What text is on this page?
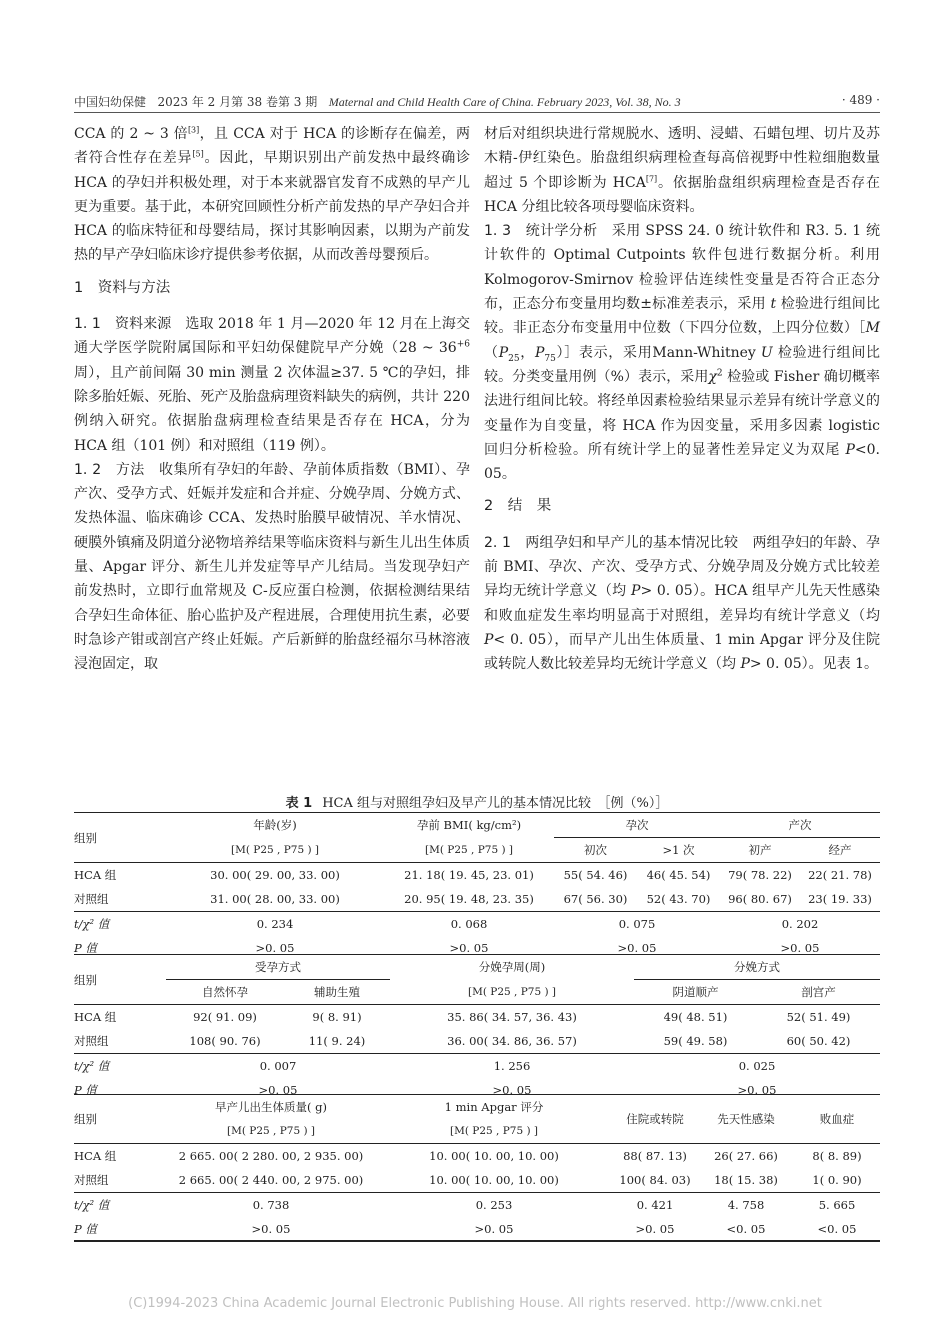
中国妇幼保健 2023 年 2 月第 38 卷第 3 期 Maternal and Child Health Care of China. February 2023, Vol. 38, No. 3	· 489 ·

CCA 的 2 ~ 3 倍[3]，且 CCA 对于 HCA 的诊断存在偏差，两者符合性存在差异[5]。因此，早期识别出产前发热中最终确诊 HCA 的孕妇并积极处理，对于本来就器官发育不成熟的早产儿更为重要。基于此，本研究回顾性分析产前发热的早产孕妇合并 HCA 的临床特征和母婴结局，探讨其影响因素，以期为产前发热的早产孕妇临床诊疗提供参考依据，从而改善母婴预后。

1　资料与方法

1. 1　资料来源　选取 2018 年 1 月—2020 年 12 月在上海交通大学医学院附属国际和平妇幼保健院早产分娩（28 ~ $36^{+6}$周），且产前间隔 30 min 测量 2 次体温≥37. 5 ℃的孕妇，排除多胎妊娠、死胎、死产及胎盘病理资料缺失的病例，共计 220 例纳入研究。依据胎盘病理检查结果是否存在 HCA，分为 HCA 组（101 例）和对照组（119 例）。

1. 2　方法　收集所有孕妇的年龄、孕前体质指数（BMI）、孕产次、受孕方式、妊娠并发症和合并症、分娩孕周、分娩方式、发热体温、临床确诊 CCA、发热时胎膜早破情况、羊水情况、硬膜外镇痛及阴道分泌物培养结果等临床资料与新生儿出生体质量、Apgar 评分、新生儿并发症等早产儿结局。当发现孕妇产前发热时，立即行血常规及 C-反应蛋白检测，依据检测结果结合孕妇生命体征、胎心监护及产程进展，合理使用抗生素，必要时急诊产钳或剖宫产终止妊娠。产后新鲜的胎盘经福尔马林溶液浸泡固定，取

材后对组织块进行常规脱水、透明、浸蜡、石蜡包埋、切片及苏木精-伊红染色。胎盘组织病理检查每高倍视野中性粒细胞数量超过 5 个即诊断为 HCA[7]。依据胎盘组织病理检查是否存在 HCA 分组比较各项母婴临床资料。

1. 3　统计学分析　采用 SPSS 24. 0 统计软件和 R3. 5. 1 统计软件的 Optimal Cutpoints 软件包进行数据分析。利用 Kolmogorov-Smirnov 检验评估连续性变量是否符合正态分布，正态分布变量用均数±标准差表示，采用 t 检验进行组间比较。非正态分布变量用中位数（下四分位数，上四分位数）$[M(P_{25}$，$P_{75})]$表示，采用Mann-Whitney U 检验进行组间比较。分类变量用例（%）表示，采用$\chi^2$ 检验或 Fisher 确切概率法进行组间比较。将经单因素检验结果显示差异有统计学意义的变量作为自变量，将 HCA 作为因变量，采用多因素 logistic 回归分析检验。所有统计学上的显著性差异定义为双尾 P<0. 05。

2　结　果

2. 1　两组孕妇和早产儿的基本情况比较　两组孕妇的年龄、孕前 BMI、孕次、产次、受孕方式、分娩孕周及分娩方式比较差异均无统计学意义（均 P> 0. 05）。HCA 组早产儿先天性感染和败血症发生率均明显高于对照组，差异均有统计学意义（均 P< 0. 05），而早产儿出生体质量、1 min Apgar 评分及住院或转院人数比较差异均无统计学意义（均 P> 0. 05）。见表 1。

表 1 HCA 组与对照组孕妇及早产儿的基本情况比较　［例（%）］
组别	年龄(岁)	孕前 BMI( kg/cm²)	孕次		产次	
	[M( P25 , P75 ) ]	[M( P25 , P75 ) ]	初次	>1 次	初产	经产
HCA 组	30. 00( 29. 00, 33. 00)	21. 18( 19. 45, 23. 01)	55( 54. 46)	46( 45. 54)	79( 78. 22)	22( 21. 78)
对照组	31. 00( 28. 00, 33. 00)	20. 95( 19. 48, 23. 35)	67( 56. 30)	52( 43. 70)	96( 80. 67)	23( 19. 33)
t/χ² 值	0. 234	0. 068	0. 075		0. 202	
P 值	>0. 05	>0. 05	>0. 05		>0. 05	
组别	受孕方式		分娩孕周(周)	分娩方式	
	自然怀孕	辅助生殖	[M( P25 , P75 ) ]	阴道顺产	剖宫产
HCA 组	92( 91. 09)	9( 8. 91)	35. 86( 34. 57, 36. 43)	49( 48. 51)	52( 51. 49)
对照组	108( 90. 76)	11( 9. 24)	36. 00( 34. 86, 36. 57)	59( 49. 58)	60( 50. 42)
t/χ² 值	0. 007		1. 256	0. 025	
P 值	>0. 05		>0. 05	>0. 05	
组别	早产儿出生体质量( g)	1 min Apgar 评分	住院或转院	先天性感染	败血症
	[M( P25 , P75 ) ]	[M( P25 , P75 ) ]			
HCA 组	2 665. 00( 2 280. 00, 2 935. 00)	10. 00( 10. 00, 10. 00)	88( 87. 13)	26( 27. 66)	8( 8. 89)
对照组	2 665. 00( 2 440. 00, 2 975. 00)	10. 00( 10. 00, 10. 00)	100( 84. 03)	18( 15. 38)	1( 0. 90)
t/χ² 值	0. 738	0. 253	0. 421	4. 758	5. 665
P 值	>0. 05	>0. 05	>0. 05	<0. 05	<0. 05
(C)1994-2023 China Academic Journal Electronic Publishing House. All rights reserved. http://www.cnki.net
